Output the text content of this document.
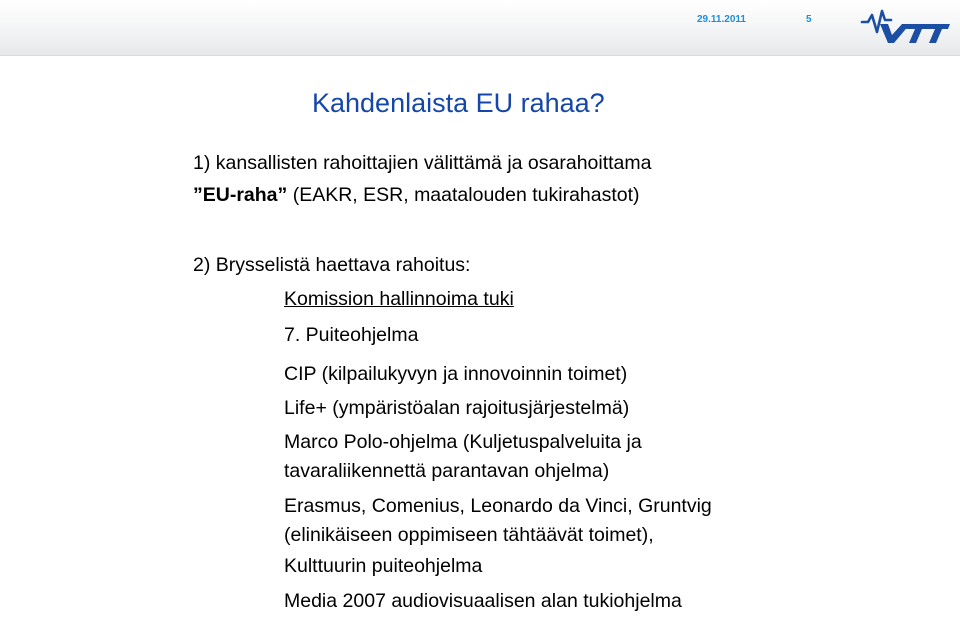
29.11.2011	5
Kahdenlaista EU rahaa?
1) kansallisten rahoittajien välittämä ja osarahoittama
”EU-raha” (EAKR, ESR, maatalouden tukirahastot)
2) Brysselistä haettava rahoitus:
Komission hallinnoima tuki
7. Puiteohjelma
CIP (kilpailukyvyn ja innovoinnin toimet)
Life+ (ympäristöalan rajoitusjärjestelmä)
Marco Polo-ohjelma (Kuljetuspalveluita ja
tavaraliikennettä parantavan ohjelma)
Erasmus, Comenius, Leonardo da Vinci, Gruntvig
(elinikäiseen oppimiseen tähtäävät toimet),
Kulttuurin puiteohjelma
Media 2007 audiovisuaalisen alan tukiohjelma
